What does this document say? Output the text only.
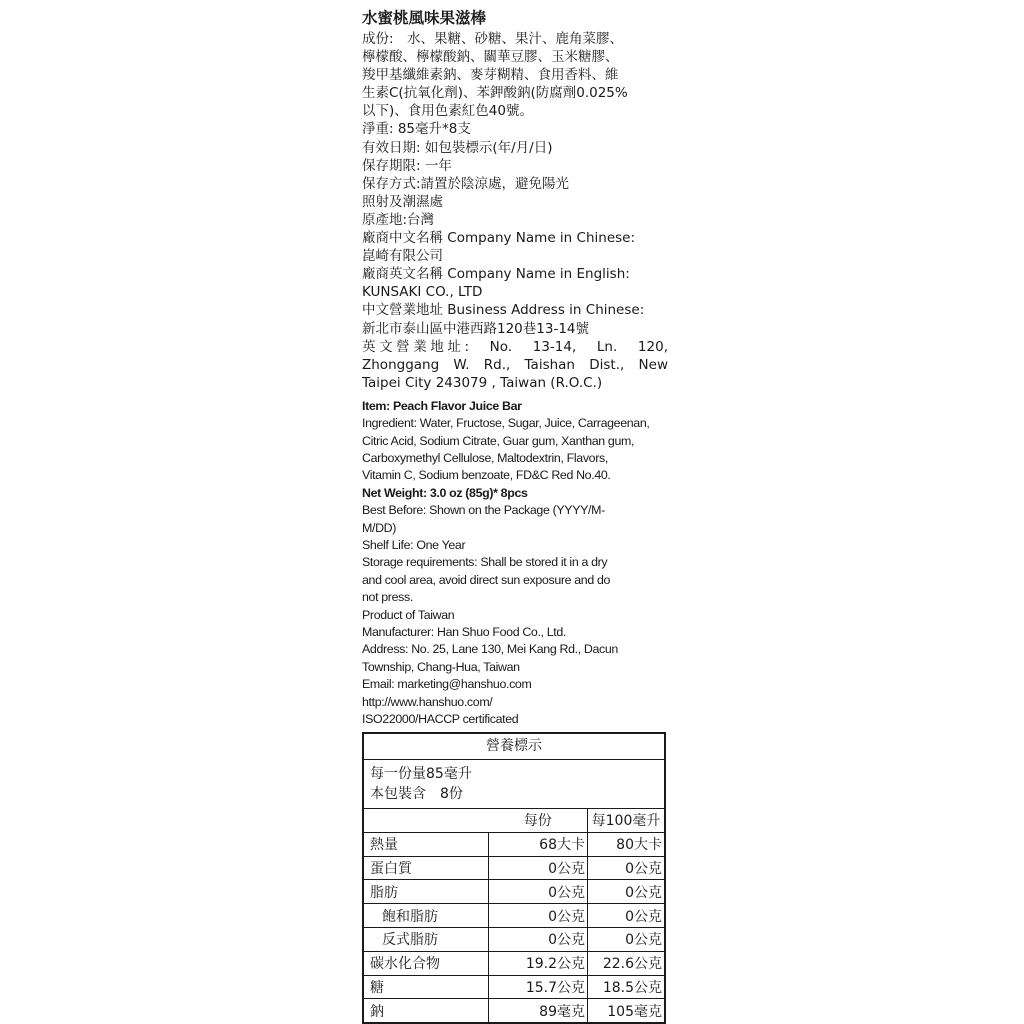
水蜜桃風味果滋棒
成份:　水、果糖、砂糖、果汁、鹿角菜膠、
檸檬酸、檸檬酸鈉、關華豆膠、玉米糖膠、
羧甲基纖維素鈉、麥芽糊精、食用香料、維
生素C(抗氧化劑)、苯鉀酸鈉(防腐劑0.025%
以下)、食用色素紅色40號。
淨重: 85毫升*8支
有效日期: 如包裝標示(年/月/日)
保存期限: 一年
保存方式:請置於陰涼處，避免陽光
照射及潮濕處
原產地:台灣
廠商中文名稱 Company Name in Chinese:
崑崎有限公司
廠商英文名稱 Company Name in English:
KUNSAKI CO., LTD
中文營業地址 Business Address in Chinese:
新北市泰山區中港西路120巷13-14號
英文營業地址:　No.　13-14,　Ln.　120,
Zhonggang W. Rd., Taishan Dist., New
Taipei City 243079 , Taiwan (R.O.C.)
Item: Peach Flavor Juice Bar
Ingredient: Water, Fructose, Sugar, Juice, Carrageenan,
Citric Acid, Sodium Citrate, Guar gum, Xanthan gum,
Carboxymethyl Cellulose, Maltodextrin, Flavors,
Vitamin C, Sodium benzoate, FD&C Red No.40.
Net Weight: 3.0 oz (85g)* 8pcs
Best Before: Shown on the Package (YYYY/M-
M/DD)
Shelf Life: One Year
Storage requirements: Shall be stored it in a dry
and cool area, avoid direct sun exposure and do
not press.
Product of Taiwan
Manufacturer: Han Shuo Food Co., Ltd.
Address: No. 25, Lane 130, Mei Kang Rd., Dacun
Township, Chang-Hua, Taiwan
Email: marketing@hanshuo.com
http://www.hanshuo.com/
ISO22000/HACCP certificated
營養標示
每一份量85毫升
本包裝含　8份
	每份	每100毫升
熱量	68大卡	80大卡
蛋白質	0公克	0公克
脂肪	0公克	0公克
飽和脂肪	0公克	0公克
反式脂肪	0公克	0公克
碳水化合物	19.2公克	22.6公克
糖	15.7公克	18.5公克
鈉	89毫克	105毫克
